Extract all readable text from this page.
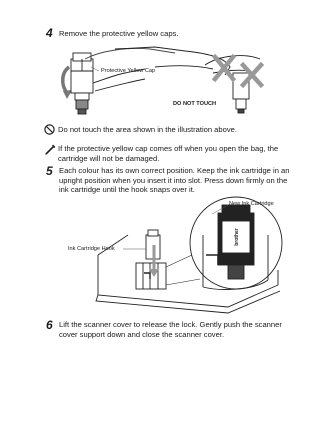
4 Remove the protective yellow caps.
Protective Yellow Cap
DO NOT TOUCH
Do not touch the area shown in the illustration above.
If the protective yellow cap comes off when you open the bag, the cartridge will not be damaged.
5 Each colour has its own correct position. Keep the ink cartridge in an upright position when you insert it into slot. Press down firmly on the ink cartridge until the hook snaps over it.
brother
New Ink Cartridge
Ink Cartridge Hook
6 Lift the scanner cover to release the lock. Gently push the scanner cover support down and close the scanner cover.
